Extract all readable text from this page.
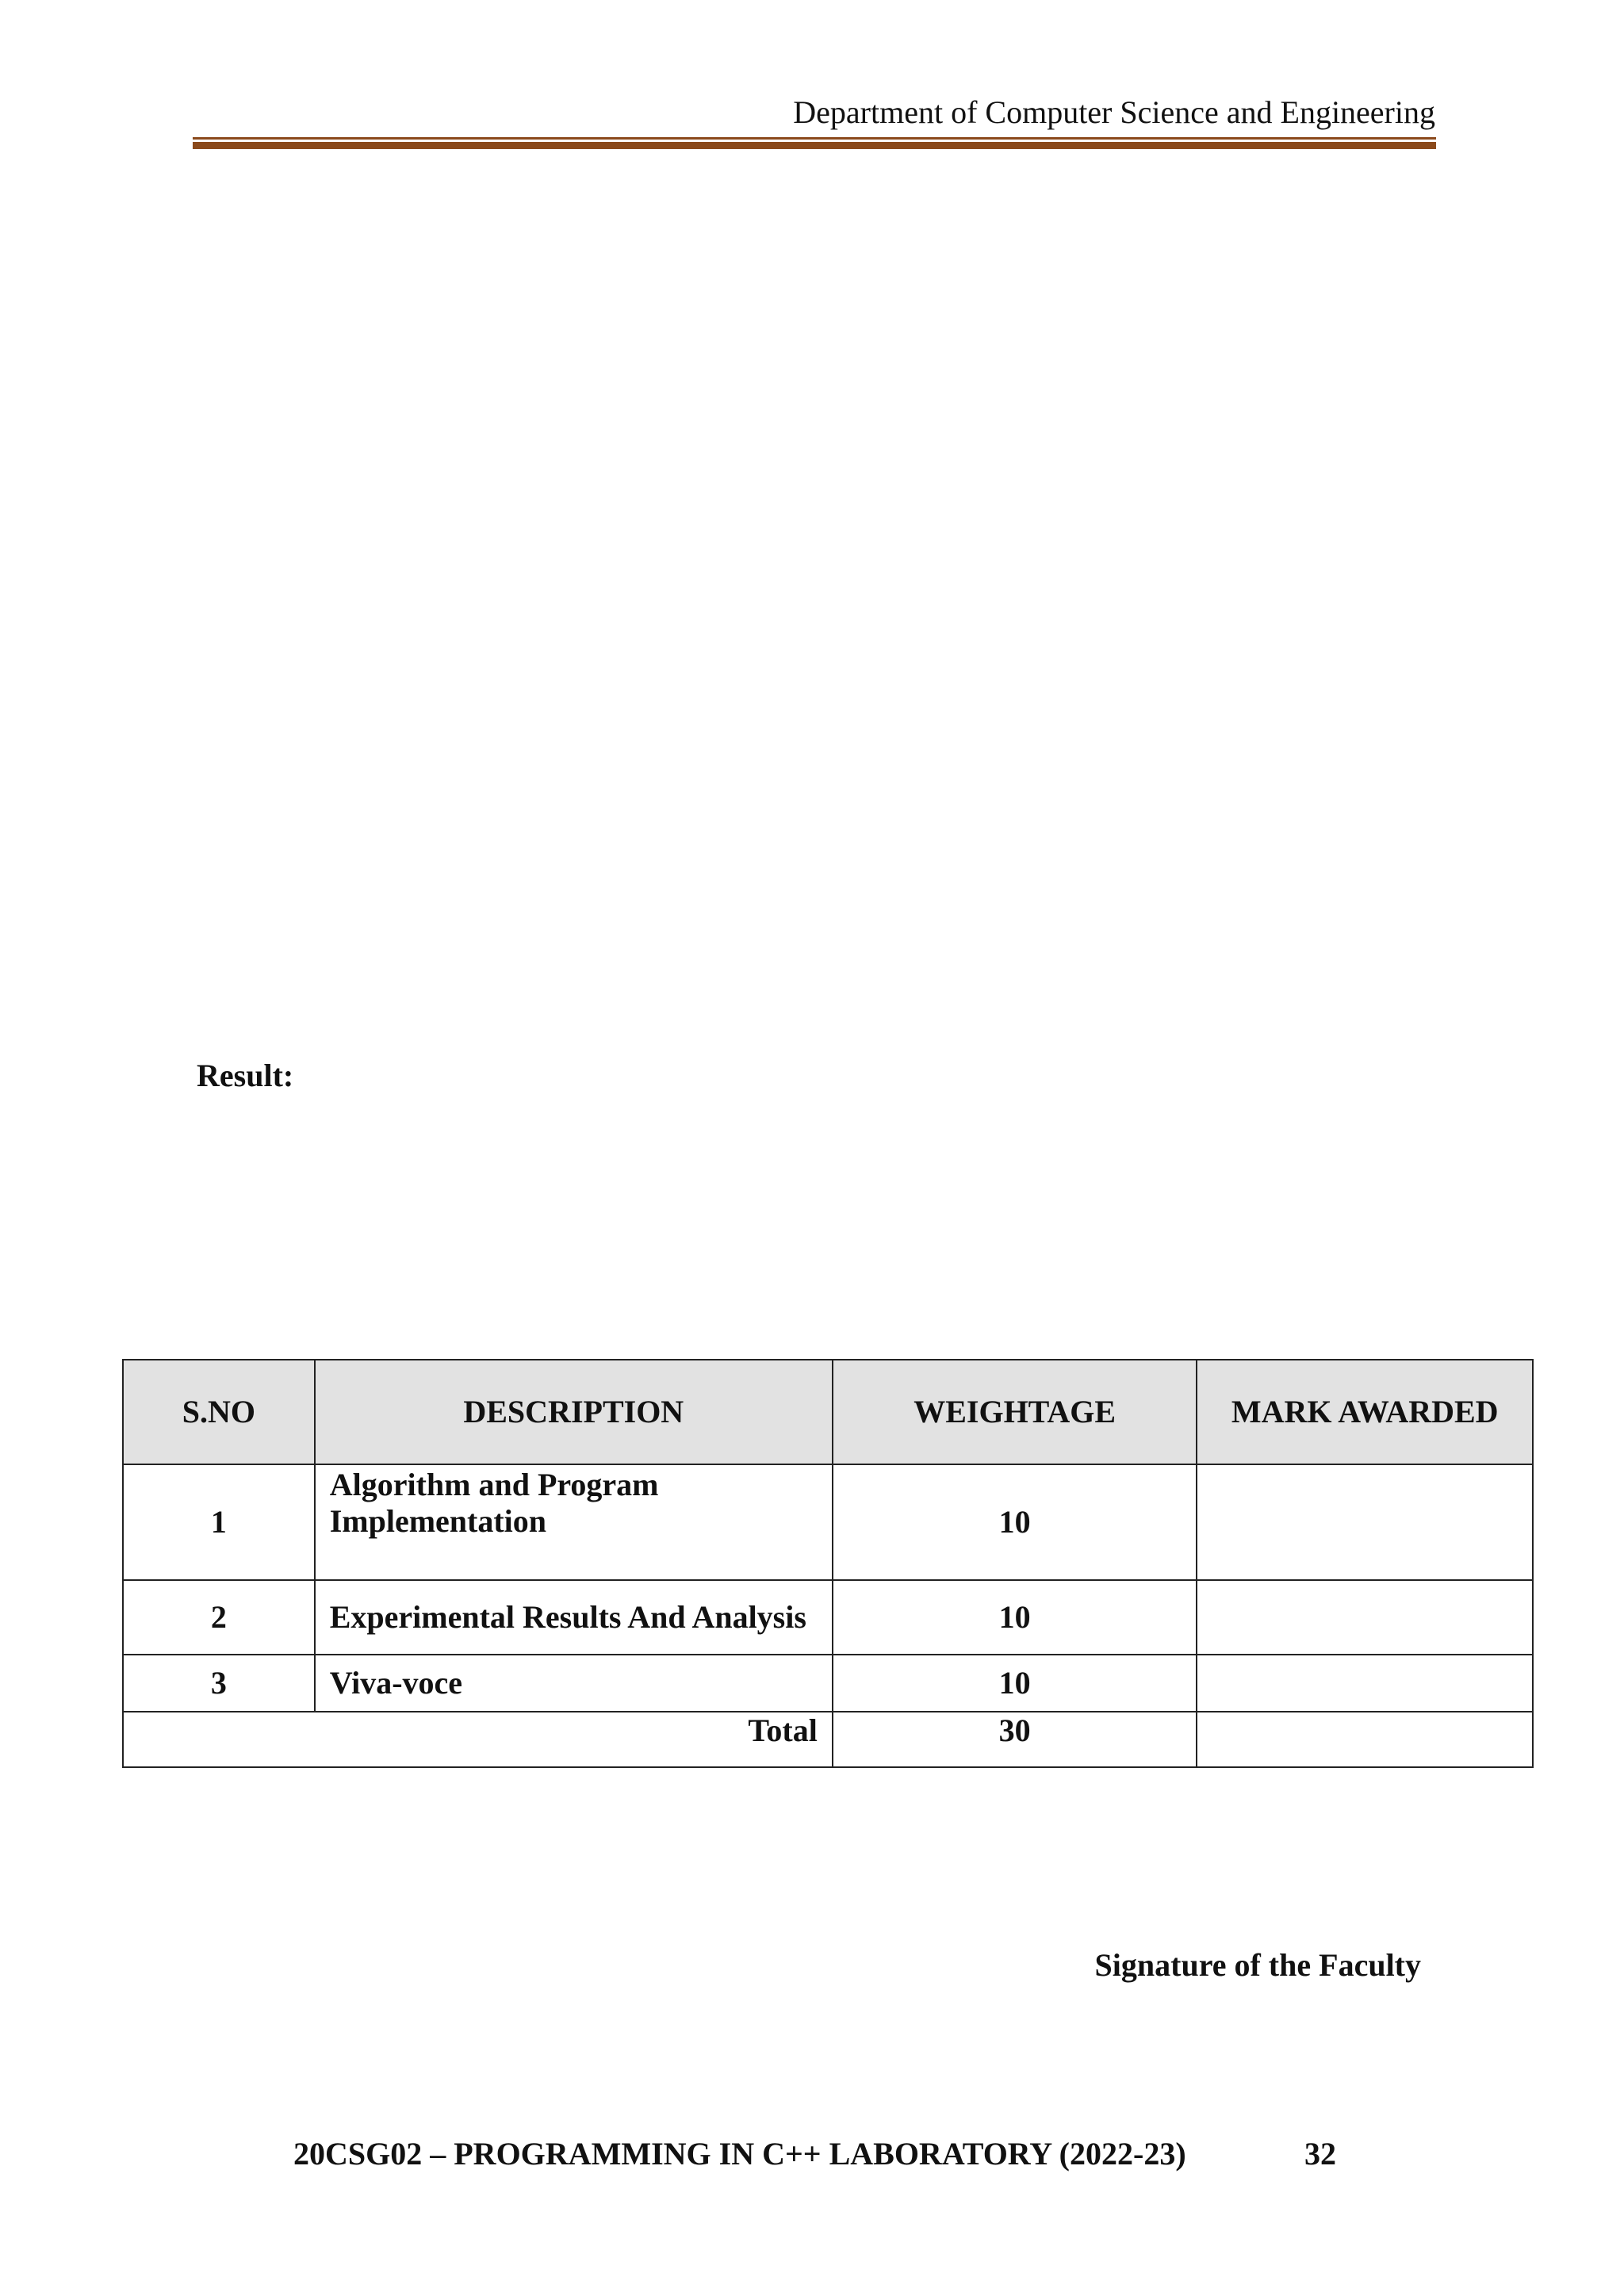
Department of Computer Science and Engineering
Result:
S.NO	DESCRIPTION	WEIGHTAGE	MARK AWARDED
1	Algorithm and Program Implementation	10	
2	Experimental Results And Analysis	10	
3	Viva-voce	10	
Total		30	
Signature of the Faculty
20CSG02 – PROGRAMMING IN C++ LABORATORY (2022-23)	32
